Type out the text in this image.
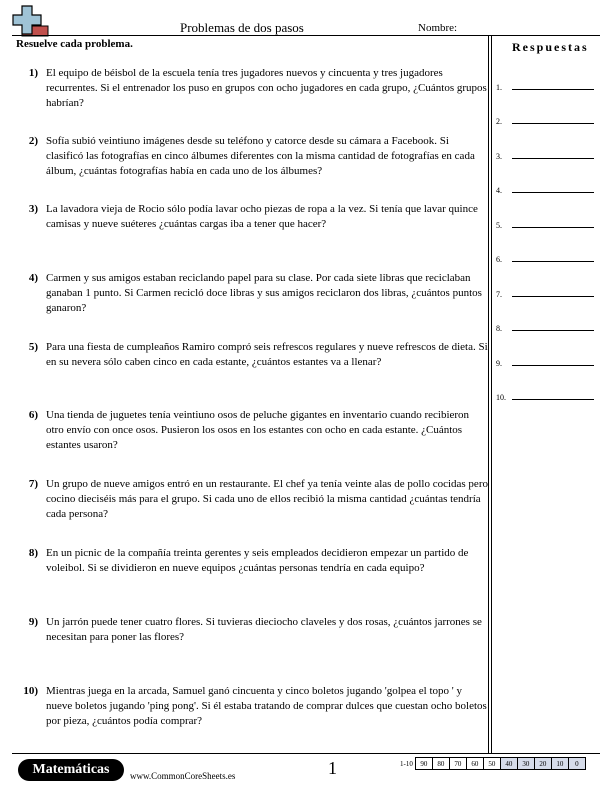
Problemas de dos pasos	Nombre:
Resuelve cada problema.	Respuestas
1.
2.
3.
4.
5.
6.
7.
8.
9.
10.
1) El equipo de béisbol de la escuela tenía tres jugadores nuevos y cincuenta y tres jugadores recurrentes. Si el entrenador los puso en grupos con ocho jugadores en cada grupo, ¿Cuántos grupos habrían?
2) Sofía subió veintiuno imágenes desde su teléfono y catorce desde su cámara a Facebook. Si clasificó las fotografías en cinco álbumes diferentes con la misma cantidad de fotografías en cada álbum, ¿cuántas fotografías había en cada uno de los álbumes?
3) La lavadora vieja de Rocio sólo podía lavar ocho piezas de ropa a la vez. Si tenía que lavar quince camisas y nueve suéteres ¿cuántas cargas iba a tener que hacer?
4) Carmen y sus amigos estaban reciclando papel para su clase. Por cada siete libras que reciclaban ganaban 1 punto. Si Carmen recicló doce libras y sus amigos reciclaron dos libras, ¿cuántos puntos ganaron?
5) Para una fiesta de cumpleaños Ramiro compró seis refrescos regulares y nueve refrescos de dieta. Si en su nevera sólo caben cinco en cada estante, ¿cuántos estantes va a llenar?
6) Una tienda de juguetes tenía veintiuno osos de peluche gigantes en inventario cuando recibieron otro envío con once osos. Pusieron los osos en los estantes con ocho en cada estante. ¿Cuántos estantes usaron?
7) Un grupo de nueve amigos entró en un restaurante. El chef ya tenía veinte alas de pollo cocidas pero cocino dieciséis más para el grupo. Si cada uno de ellos recibió la misma cantidad ¿cuántas tendría cada persona?
8) En un picnic de la compañía treinta gerentes y seis empleados decidieron empezar un partido de voleibol. Si se dividieron en nueve equipos ¿cuántas personas tendría en cada equipo?
9) Un jarrón puede tener cuatro flores. Si tuvieras dieciocho claveles y dos rosas, ¿cuántos jarrones se necesitan para poner las flores?
10) Mientras juega en la arcada, Samuel ganó cincuenta y cinco boletos jugando 'golpea el topo ' y nueve boletos jugando 'ping pong'. Si él estaba tratando de comprar dulces que cuestan ocho boletos por pieza, ¿cuántos podía comprar?
Matemáticas	www.CommonCoreSheets.es	1	1-10	90	80	70	60	50	40	30	20	10	0
